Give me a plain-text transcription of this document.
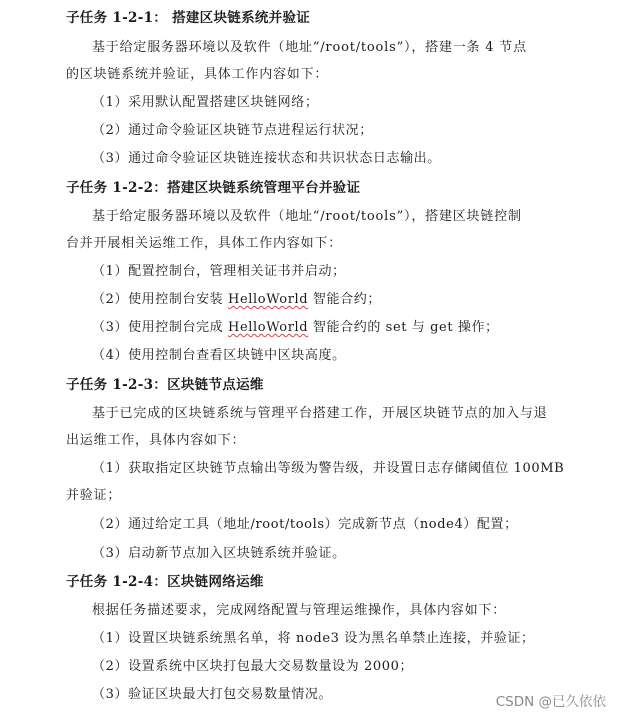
子任务 1-2-1： 搭建区块链系统并验证
基于给定服务器环境以及软件（地址“/root/tools”），搭建一条 4 节点
的区块链系统并验证，具体工作内容如下：
（1）采用默认配置搭建区块链网络；
（2）通过命令验证区块链节点进程运行状况；
（3）通过命令验证区块链连接状态和共识状态日志输出。
子任务 1-2-2：搭建区块链系统管理平台并验证
基于给定服务器环境以及软件（地址“/root/tools”），搭建区块链控制
台并开展相关运维工作，具体工作内容如下：
（1）配置控制台，管理相关证书并启动；
（2）使用控制台安装 HelloWorld 智能合约；
（3）使用控制台完成 HelloWorld 智能合约的 set 与 get 操作；
（4）使用控制台查看区块链中区块高度。
子任务 1-2-3：区块链节点运维
基于已完成的区块链系统与管理平台搭建工作，开展区块链节点的加入与退
出运维工作，具体内容如下：
（1）获取指定区块链节点输出等级为警告级，并设置日志存储阈值位 100MB
并验证；
（2）通过给定工具（地址/root/tools）完成新节点（node4）配置；
（3）启动新节点加入区块链系统并验证。
子任务 1-2-4：区块链网络运维
根据任务描述要求，完成网络配置与管理运维操作，具体内容如下：
（1）设置区块链系统黑名单，将 node3 设为黑名单禁止连接，并验证；
（2）设置系统中区块打包最大交易数量设为 2000；
（3）验证区块最大打包交易数量情况。	CSDN @已久依依
